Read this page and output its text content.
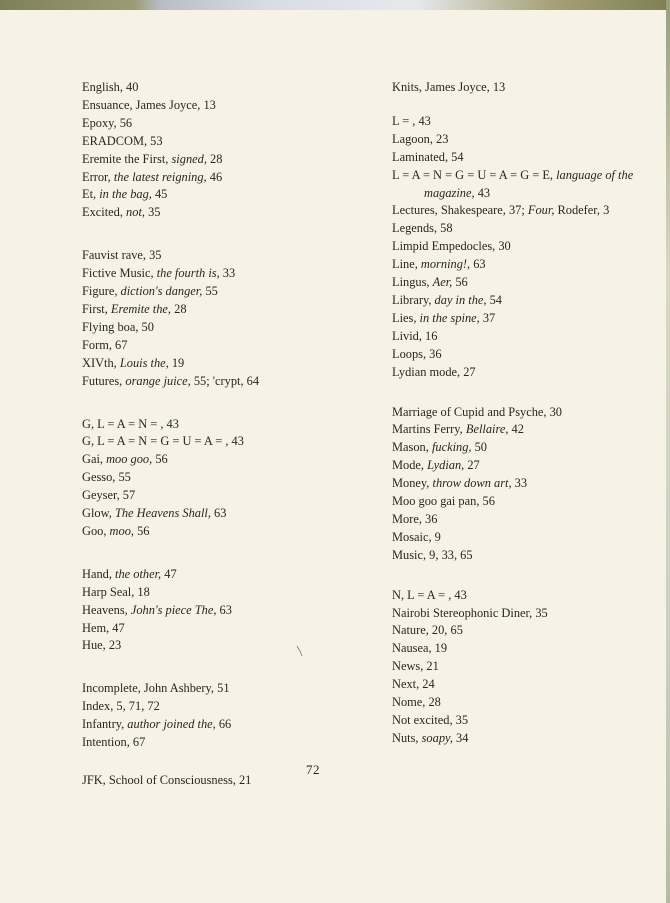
English, 40
Ensuance, James Joyce, 13
Epoxy, 56
ERADCOM, 53
Eremite the First, signed, 28
Error, the latest reigning, 46
Et, in the bag, 45
Excited, not, 35
Fauvist rave, 35
Fictive Music, the fourth is, 33
Figure, diction's danger, 55
First, Eremite the, 28
Flying boa, 50
Form, 67
XIVth, Louis the, 19
Futures, orange juice, 55; 'crypt, 64
G, L = A = N = , 43
G, L = A = N = G = U = A = , 43
Gai, moo goo, 56
Gesso, 55
Geyser, 57
Glow, The Heavens Shall, 63
Goo, moo, 56
Hand, the other, 47
Harp Seal, 18
Heavens, John's piece The, 63
Hem, 47
Hue, 23
Incomplete, John Ashbery, 51
Index, 5, 71, 72
Infantry, author joined the, 66
Intention, 67
JFK, School of Consciousness, 21
Knits, James Joyce, 13
L = , 43
Lagoon, 23
Laminated, 54
L = A = N = G = U = A = G = E, language of the magazine, 43
Lectures, Shakespeare, 37; Four, Rodefer, 3
Legends, 58
Limpid Empedocles, 30
Line, morning!, 63
Lingus, Aer, 56
Library, day in the, 54
Lies, in the spine, 37
Livid, 16
Loops, 36
Lydian mode, 27
Marriage of Cupid and Psyche, 30
Martins Ferry, Bellaire, 42
Mason, fucking, 50
Mode, Lydian, 27
Money, throw down art, 33
Moo goo gai pan, 56
More, 36
Mosaic, 9
Music, 9, 33, 65
N, L = A = , 43
Nairobi Stereophonic Diner, 35
Nature, 20, 65
Nausea, 19
News, 21
Next, 24
Nome, 28
Not excited, 35
Nuts, soapy, 34
72
